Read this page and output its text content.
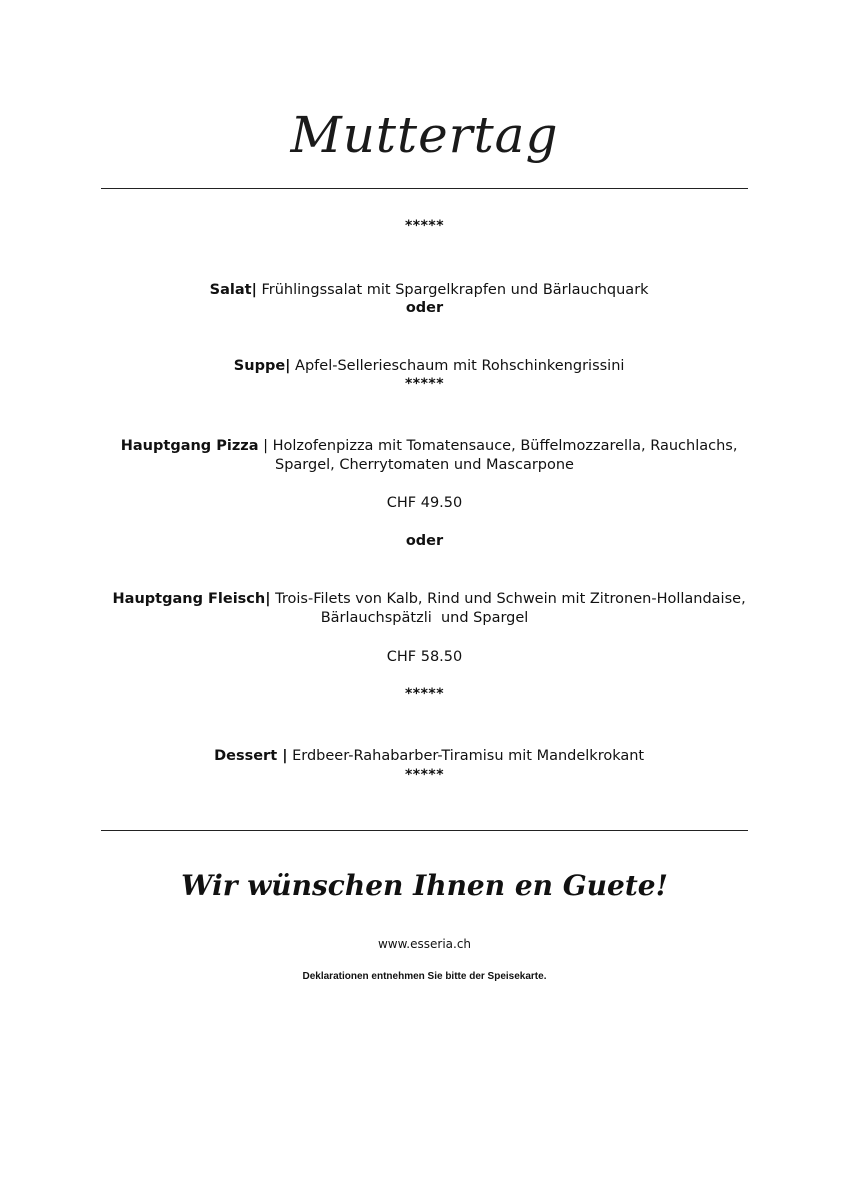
Muttertag
*****

Salat| Frühlingssalat mit Spargelkrapfen und Bärlauchquark

oder

Suppe| Apfel-Sellerieschaum mit Rohschinkengrissini

*****

Hauptgang Pizza | Holzofenpizza mit Tomatensauce, Büffelmozzarella, Rauchlachs,

Spargel, Cherrytomaten und Mascarpone
CHF 49.50
oder

Hauptgang Fleisch| Trois-Filets von Kalb, Rind und Schwein mit Zitronen-Hollandaise,

Bärlauchspätzli  und Spargel
CHF 58.50
*****

Dessert | Erdbeer-Rahabarber-Tiramisu mit Mandelkrokant

*****
Wir wünschen Ihnen en Guete!
www.esseria.ch
Deklarationen entnehmen Sie bitte der Speisekarte.
